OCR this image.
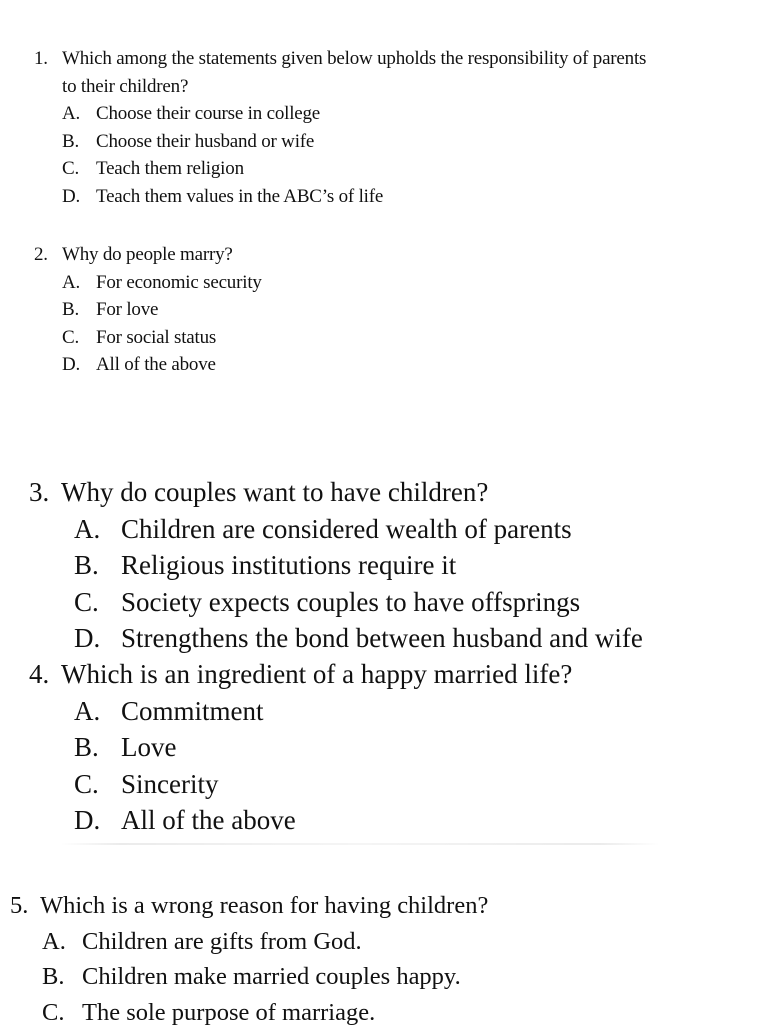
1. Which among the statements given below upholds the responsibility of parents
to their children?
A. Choose their course in college
B. Choose their husband or wife
C. Teach them religion
D. Teach them values in the ABC’s of life
2. Why do people marry?
A. For economic security
B. For love
C. For social status
D. All of the above
3. Why do couples want to have children?
A. Children are considered wealth of parents
B. Religious institutions require it
C. Society expects couples to have offsprings
D. Strengthens the bond between husband and wife
4. Which is an ingredient of a happy married life?
A. Commitment
B. Love
C. Sincerity
D. All of the above
5. Which is a wrong reason for having children?
A. Children are gifts from God.
B. Children make married couples happy.
C. The sole purpose of marriage.
